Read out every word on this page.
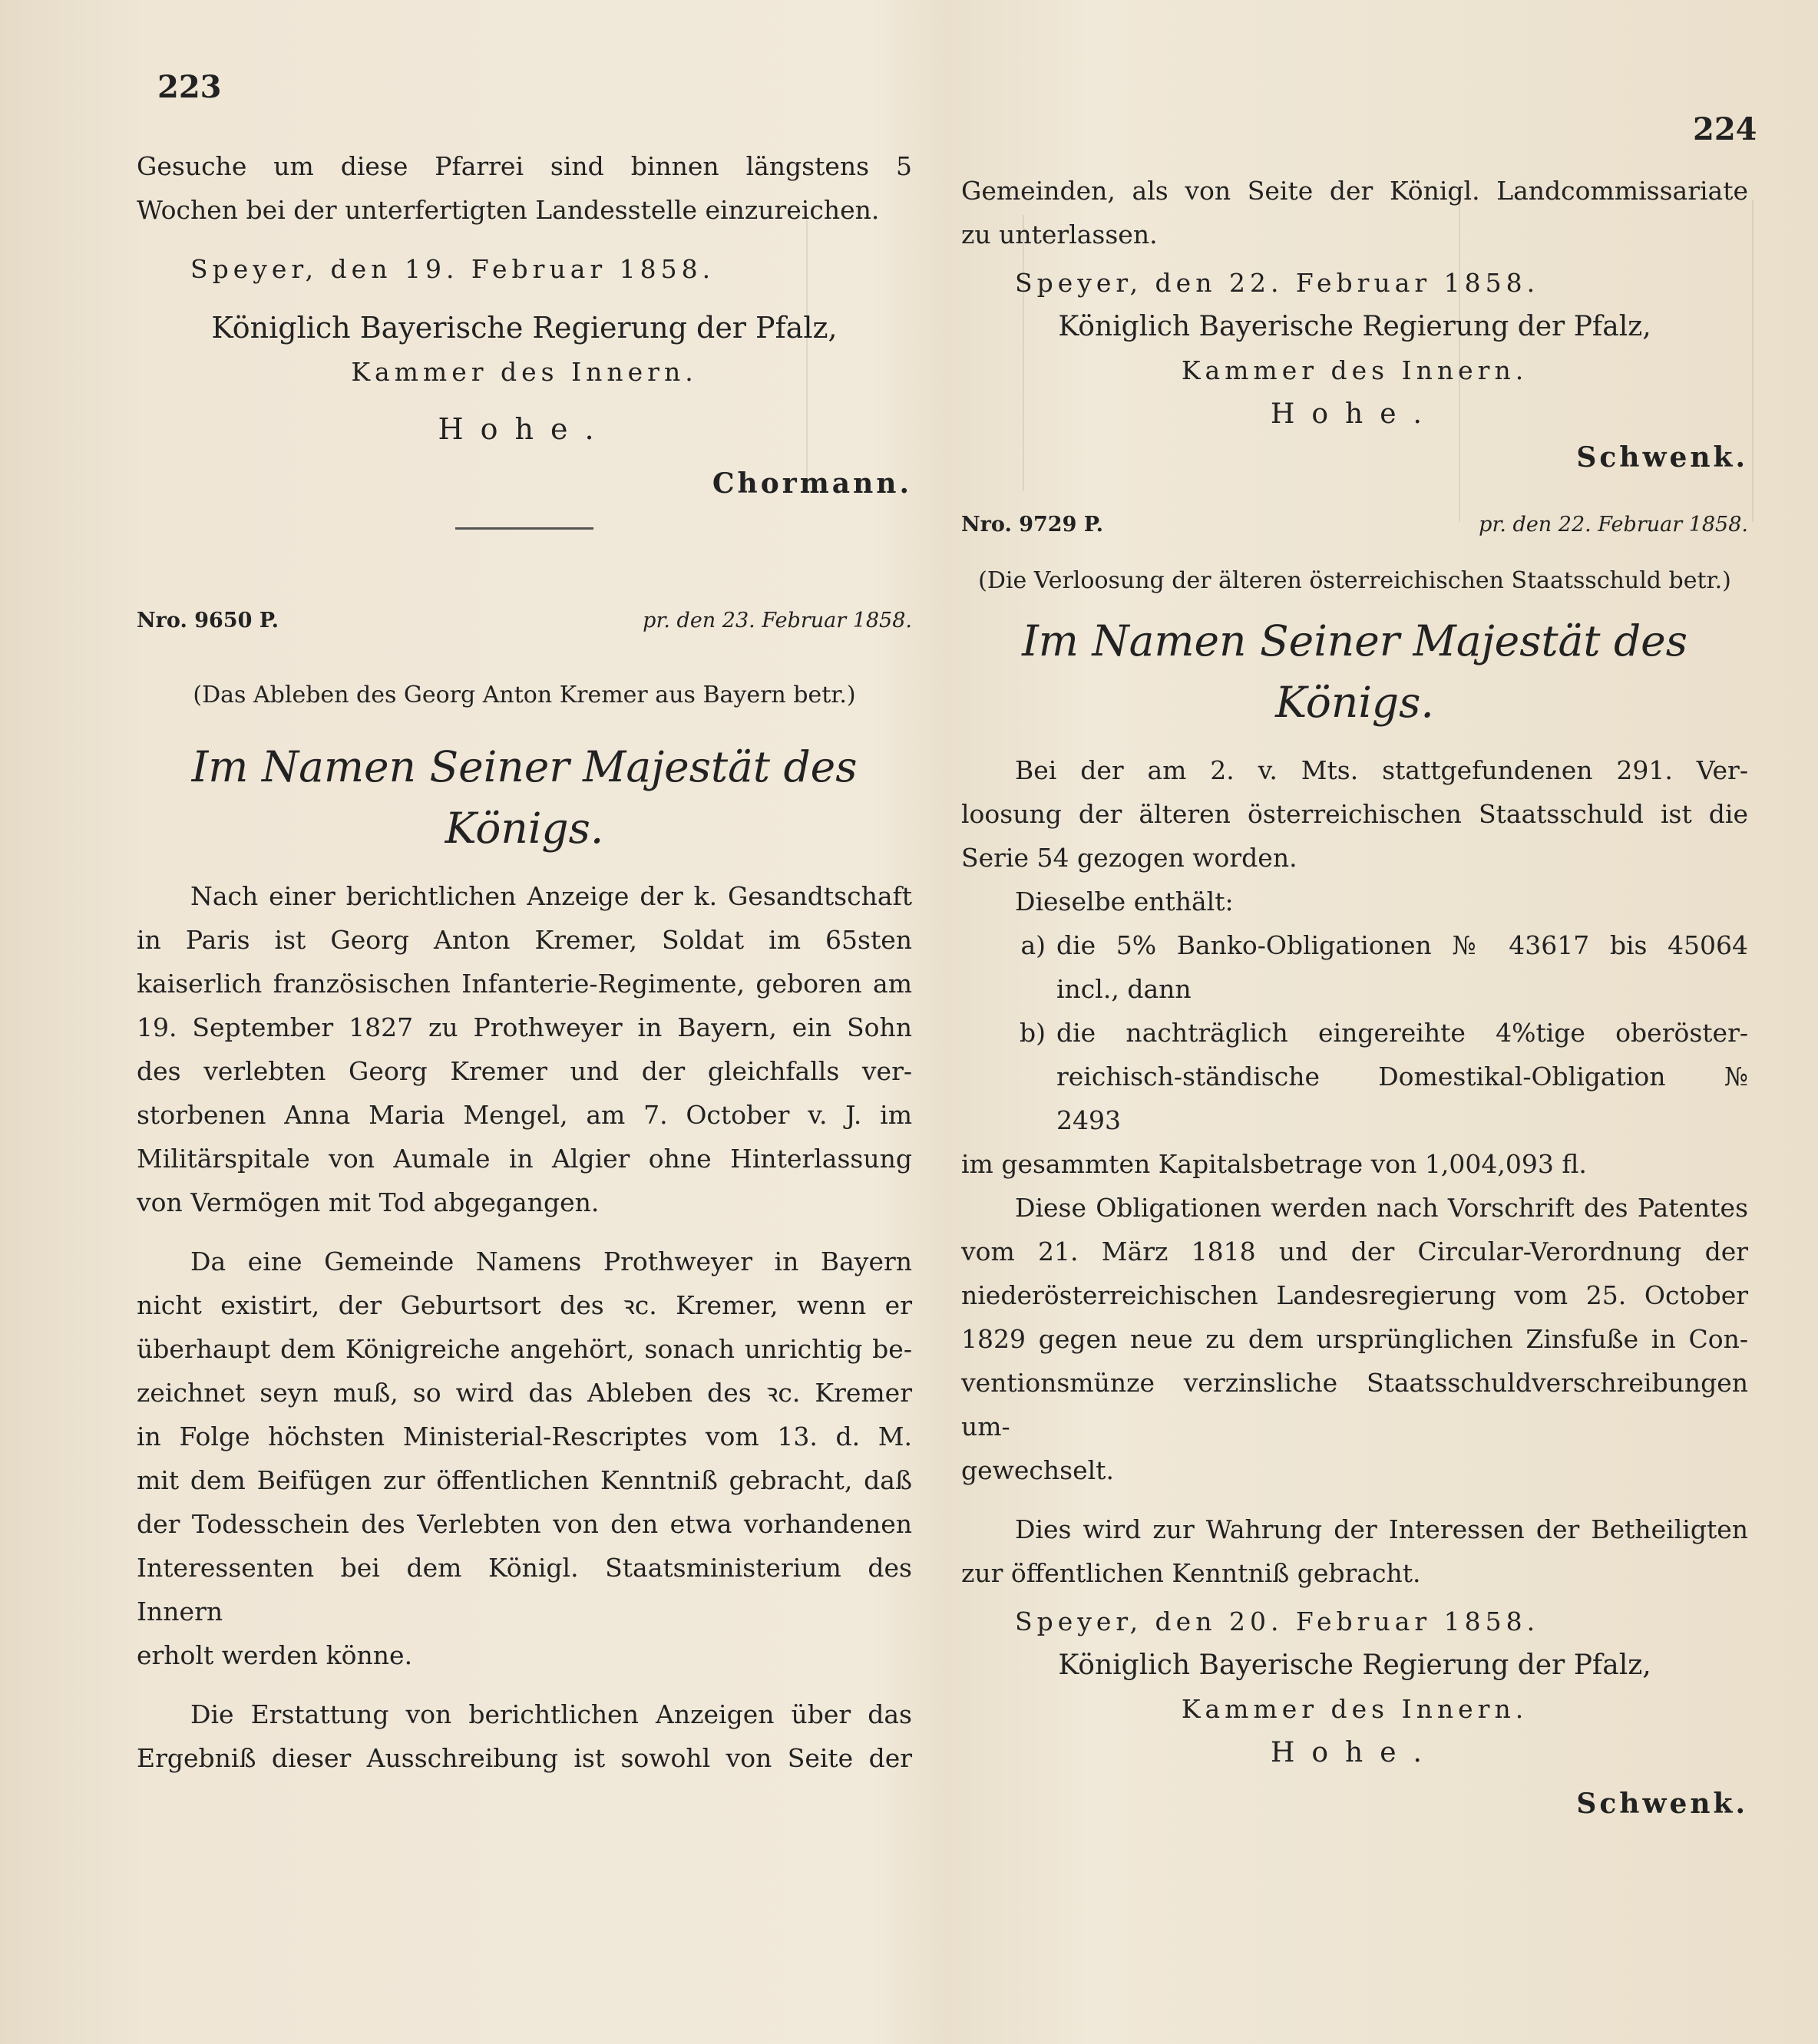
223
224
Gesuche um diese Pfarrei sind binnen längstens 5
Wochen bei der unterfertigten Landesstelle einzureichen.
Speyer, den 19. Februar 1858.
Königlich Bayerische Regierung der Pfalz,
Kammer des Innern.
Hohe.
Chormann.
Nro. 9650 P.	pr. den 23. Februar 1858.
(Das Ableben des Georg Anton Kremer aus Bayern betr.)
Im Namen Seiner Majestät des Königs.
Nach einer berichtlichen Anzeige der k. Gesandtschaft
in Paris ist Georg Anton Kremer, Soldat im 65sten
kaiserlich französischen Infanterie-Regimente, geboren am
19. September 1827 zu Prothweyer in Bayern, ein Sohn
des verlebten Georg Kremer und der gleichfalls ver-
storbenen Anna Maria Mengel, am 7. October v. J. im
Militärspitale von Aumale in Algier ohne Hinterlassung
von Vermögen mit Tod abgegangen.
Da eine Gemeinde Namens Prothweyer in Bayern
nicht existirt, der Geburtsort des ꝛc. Kremer, wenn er
überhaupt dem Königreiche angehört, sonach unrichtig be-
zeichnet seyn muß, so wird das Ableben des ꝛc. Kremer
in Folge höchsten Ministerial-Rescriptes vom 13. d. M.
mit dem Beifügen zur öffentlichen Kenntniß gebracht, daß
der Todesschein des Verlebten von den etwa vorhandenen
Interessenten bei dem Königl. Staatsministerium des Innern
erholt werden könne.
Die Erstattung von berichtlichen Anzeigen über das
Ergebniß dieser Ausschreibung ist sowohl von Seite der
Gemeinden, als von Seite der Königl. Landcommissariate
zu unterlassen.
Speyer, den 22. Februar 1858.
Königlich Bayerische Regierung der Pfalz,
Kammer des Innern.
Hohe.
Schwenk.
Nro. 9729 P.	pr. den 22. Februar 1858.
(Die Verloosung der älteren österreichischen Staatsschuld betr.)
Im Namen Seiner Majestät des Königs.
Bei der am 2. v. Mts. stattgefundenen 291. Ver-
loosung der älteren österreichischen Staatsschuld ist die
Serie 54 gezogen worden.
Dieselbe enthält:
a) die 5% Banko-Obligationen № 43617 bis 45064
incl., dann
b) die nachträglich eingereihte 4%tige oberöster-
reichisch-ständische Domestikal-Obligation №
2493
im gesammten Kapitalsbetrage von 1,004,093 fl.
Diese Obligationen werden nach Vorschrift des Patentes
vom 21. März 1818 und der Circular-Verordnung der
niederösterreichischen Landesregierung vom 25. October
1829 gegen neue zu dem ursprünglichen Zinsfuße in Con-
ventionsmünze verzinsliche Staatsschuldverschreibungen um-
gewechselt.
Dies wird zur Wahrung der Interessen der Betheiligten
zur öffentlichen Kenntniß gebracht.
Speyer, den 20. Februar 1858.
Königlich Bayerische Regierung der Pfalz,
Kammer des Innern.
Hohe.
Schwenk.
